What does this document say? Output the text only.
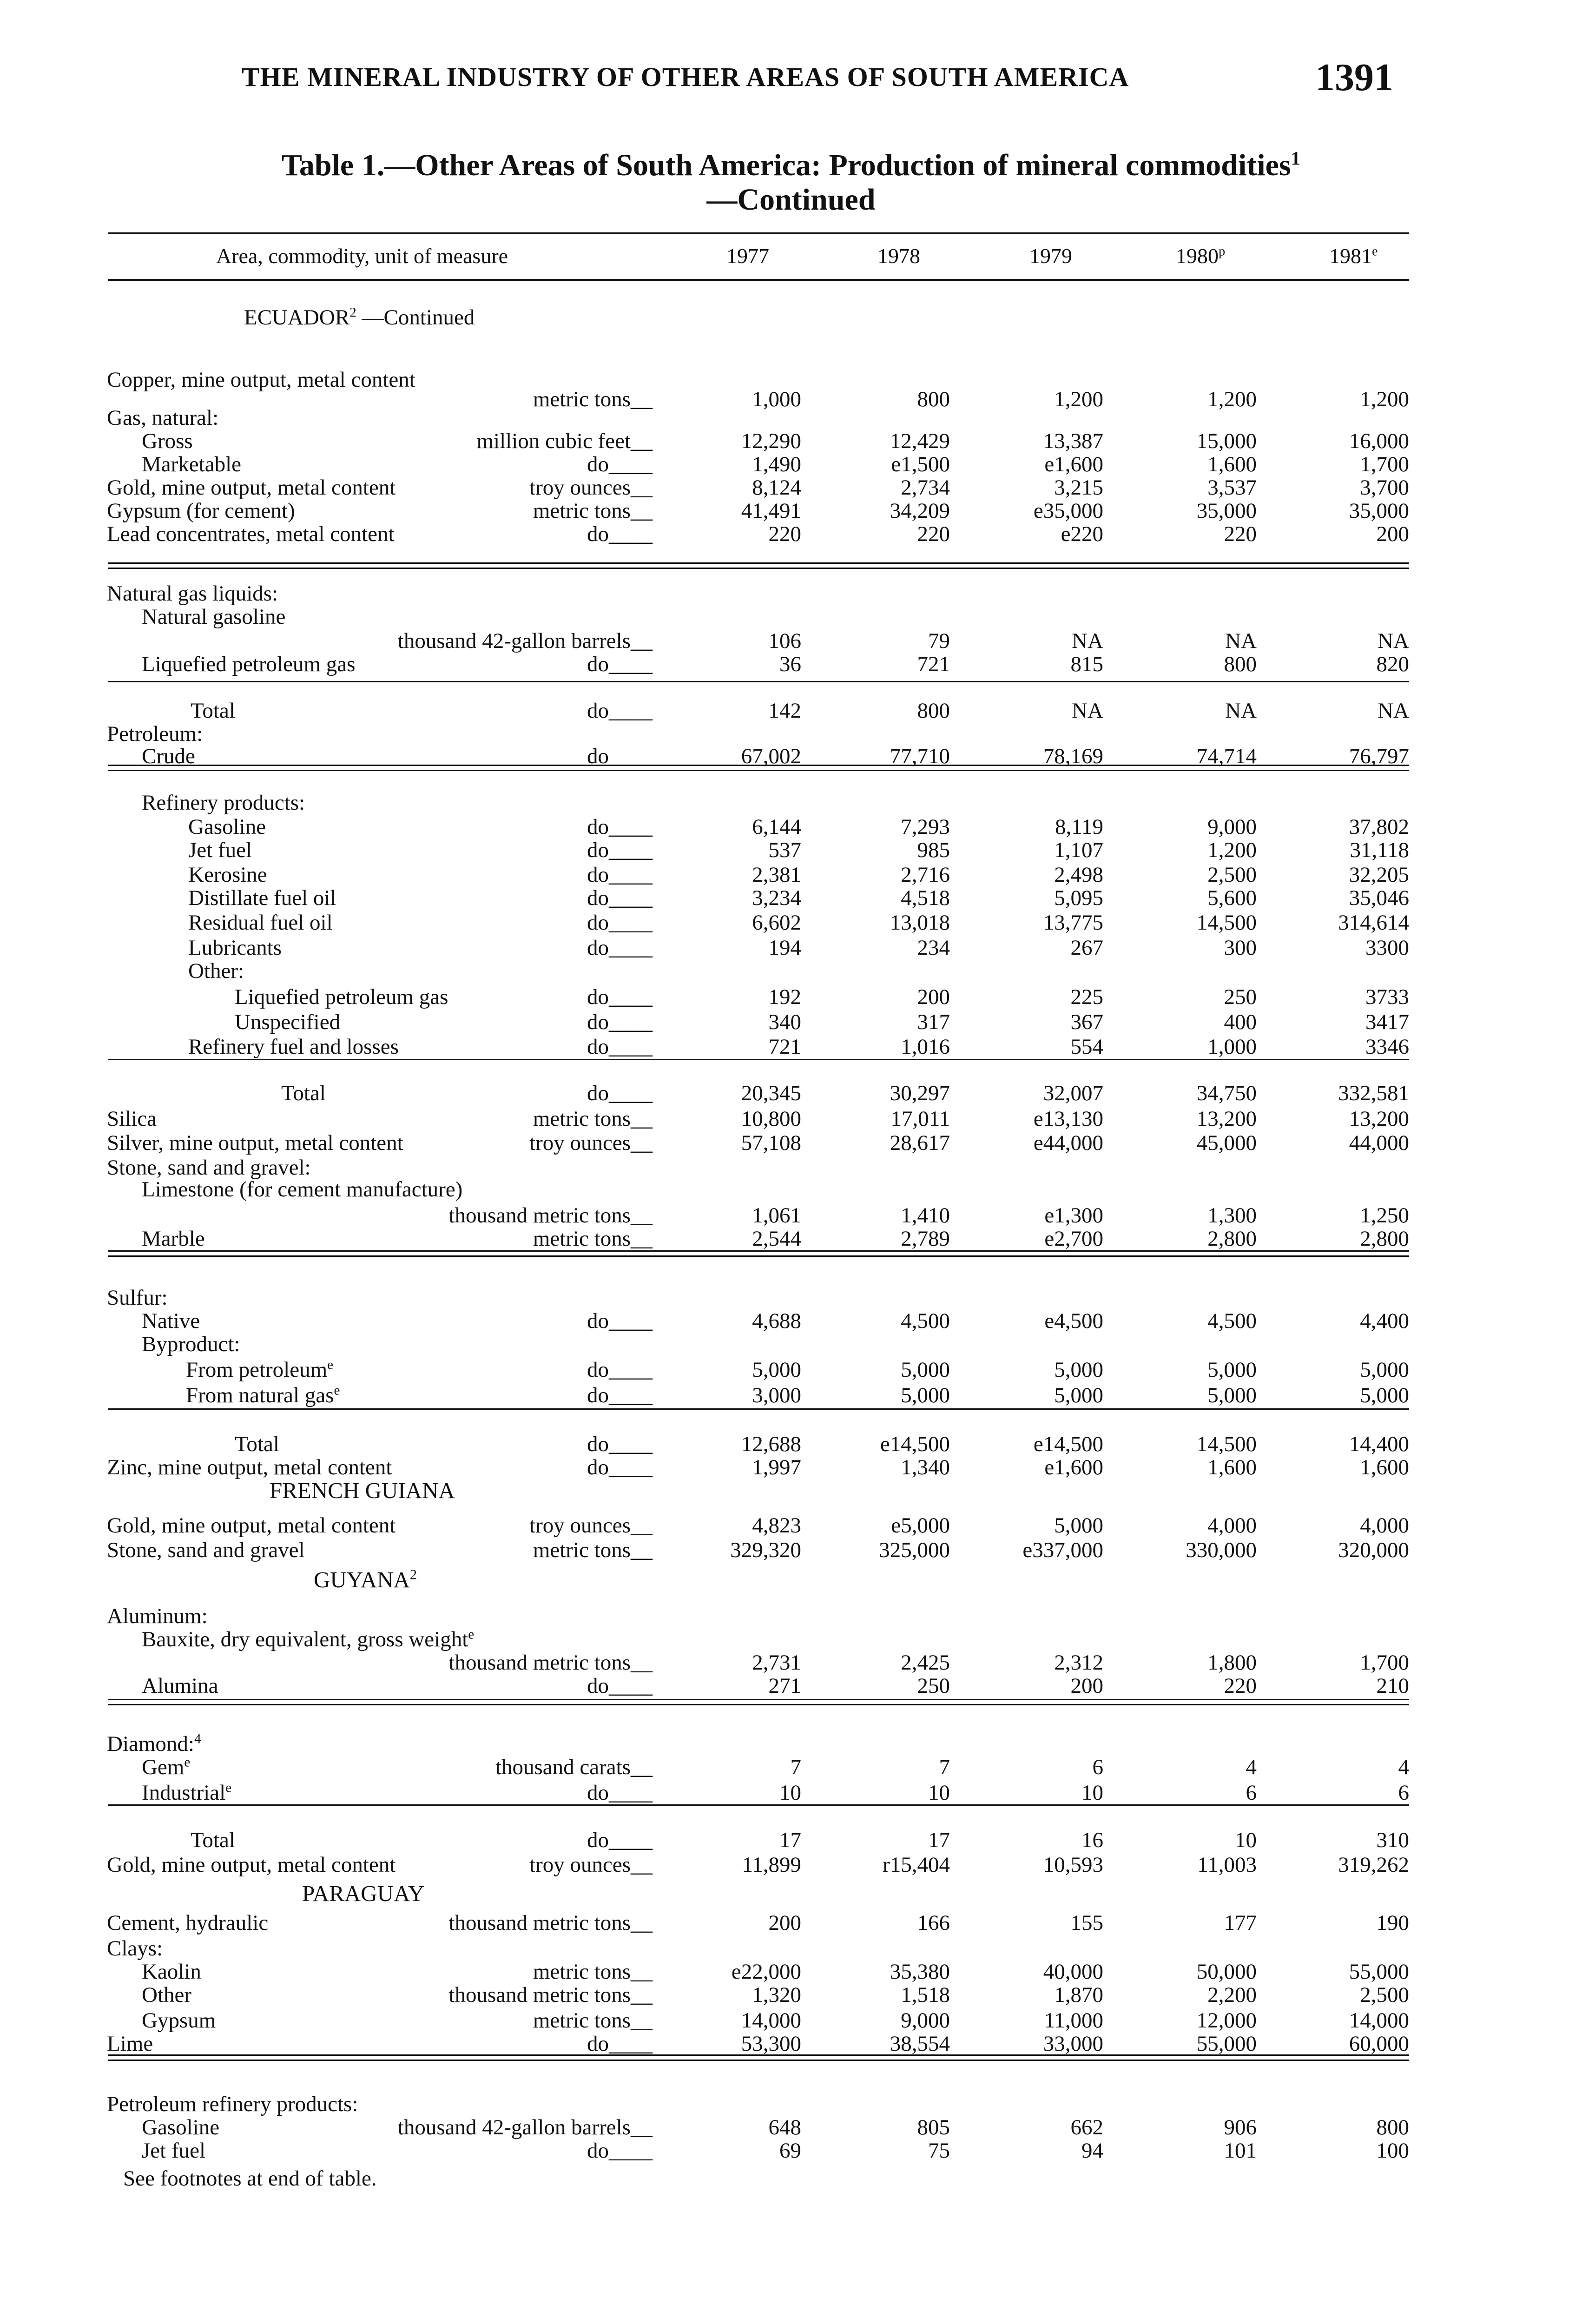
THE MINERAL INDUSTRY OF OTHER AREAS OF SOUTH AMERICA	1391
Table 1.—Other Areas of South America: Production of mineral commodities$^1$
—Continued
Area, commodity, unit of measure	1977	1978	1979	1980$^p$	1981e
ECUADOR$^2$ —Continued
FRENCH GUIANA
GUYANA$^2$
PARAGUAY
Copper, mine output, metal content
metric tons__	1,000	800	1,200	1,200	1,200
Gas, natural:
Gross	million cubic feet__	12,290	12,429	13,387	15,000	16,000
Marketable	do____	1,490	e1,500	e1,600	1,600	1,700
Gold, mine output, metal content	troy ounces__	8,124	2,734	3,215	3,537	3,700
Gypsum (for cement)	metric tons__	41,491	34,209	e35,000	35,000	35,000
Lead concentrates, metal content	do____	220	220	e220	220	200
Natural gas liquids:
Natural gasoline
thousand 42-gallon barrels__	106	79	NA	NA	NA
Liquefied petroleum gas	do____	36	721	815	800	820
Total	do____	142	800	NA	NA	NA
Petroleum:
Crude	do____	67,002	77,710	78,169	74,714	76,797
Refinery products:
Gasoline	do____	6,144	7,293	8,119	9,000	37,802
Jet fuel	do____	537	985	1,107	1,200	31,118
Kerosine	do____	2,381	2,716	2,498	2,500	32,205
Distillate fuel oil	do____	3,234	4,518	5,095	5,600	35,046
Residual fuel oil	do____	6,602	13,018	13,775	14,500	314,614
Lubricants	do____	194	234	267	300	3300
Other:
Liquefied petroleum gas	do____	192	200	225	250	3733
Unspecified	do____	340	317	367	400	3417
Refinery fuel and losses	do____	721	1,016	554	1,000	3346
Total	do____	20,345	30,297	32,007	34,750	332,581
Silica	metric tons__	10,800	17,011	e13,130	13,200	13,200
Silver, mine output, metal content	troy ounces__	57,108	28,617	e44,000	45,000	44,000
Stone, sand and gravel:
Limestone (for cement manufacture)
thousand metric tons__	1,061	1,410	e1,300	1,300	1,250
Marble	metric tons__	2,544	2,789	e2,700	2,800	2,800
Sulfur:
Native	do____	4,688	4,500	e4,500	4,500	4,400
Byproduct:
From petroleum$^e$	do____	5,000	5,000	5,000	5,000	5,000
From natural gas$^e$	do____	3,000	5,000	5,000	5,000	5,000
Total	do____	12,688	e14,500	e14,500	14,500	14,400
Zinc, mine output, metal content	do____	1,997	1,340	e1,600	1,600	1,600
Gold, mine output, metal content	troy ounces__	4,823	e5,000	5,000	4,000	4,000
Stone, sand and gravel	metric tons__	329,320	325,000	e337,000	330,000	320,000
Aluminum:
Bauxite, dry equivalent, gross weight$^e$
thousand metric tons__	2,731	2,425	2,312	1,800	1,700
Alumina	do____	271	250	200	220	210
Diamond:$^4$
Gem$^e$	thousand carats__	7	7	6	4	4
Industrial$^e$	do____	10	10	10	6	6
Total	do____	17	17	16	10	310
Gold, mine output, metal content	troy ounces__	11,899	r15,404	10,593	11,003	319,262
Cement, hydraulic	thousand metric tons__	200	166	155	177	190
Clays:
Kaolin	metric tons__	e22,000	35,380	40,000	50,000	55,000
Other	thousand metric tons__	1,320	1,518	1,870	2,200	2,500
Gypsum	metric tons__	14,000	9,000	11,000	12,000	14,000
Lime	do____	53,300	38,554	33,000	55,000	60,000
Petroleum refinery products:
Gasoline	thousand 42-gallon barrels__	648	805	662	906	800
Jet fuel	do____	69	75	94	101	100
See footnotes at end of table.
